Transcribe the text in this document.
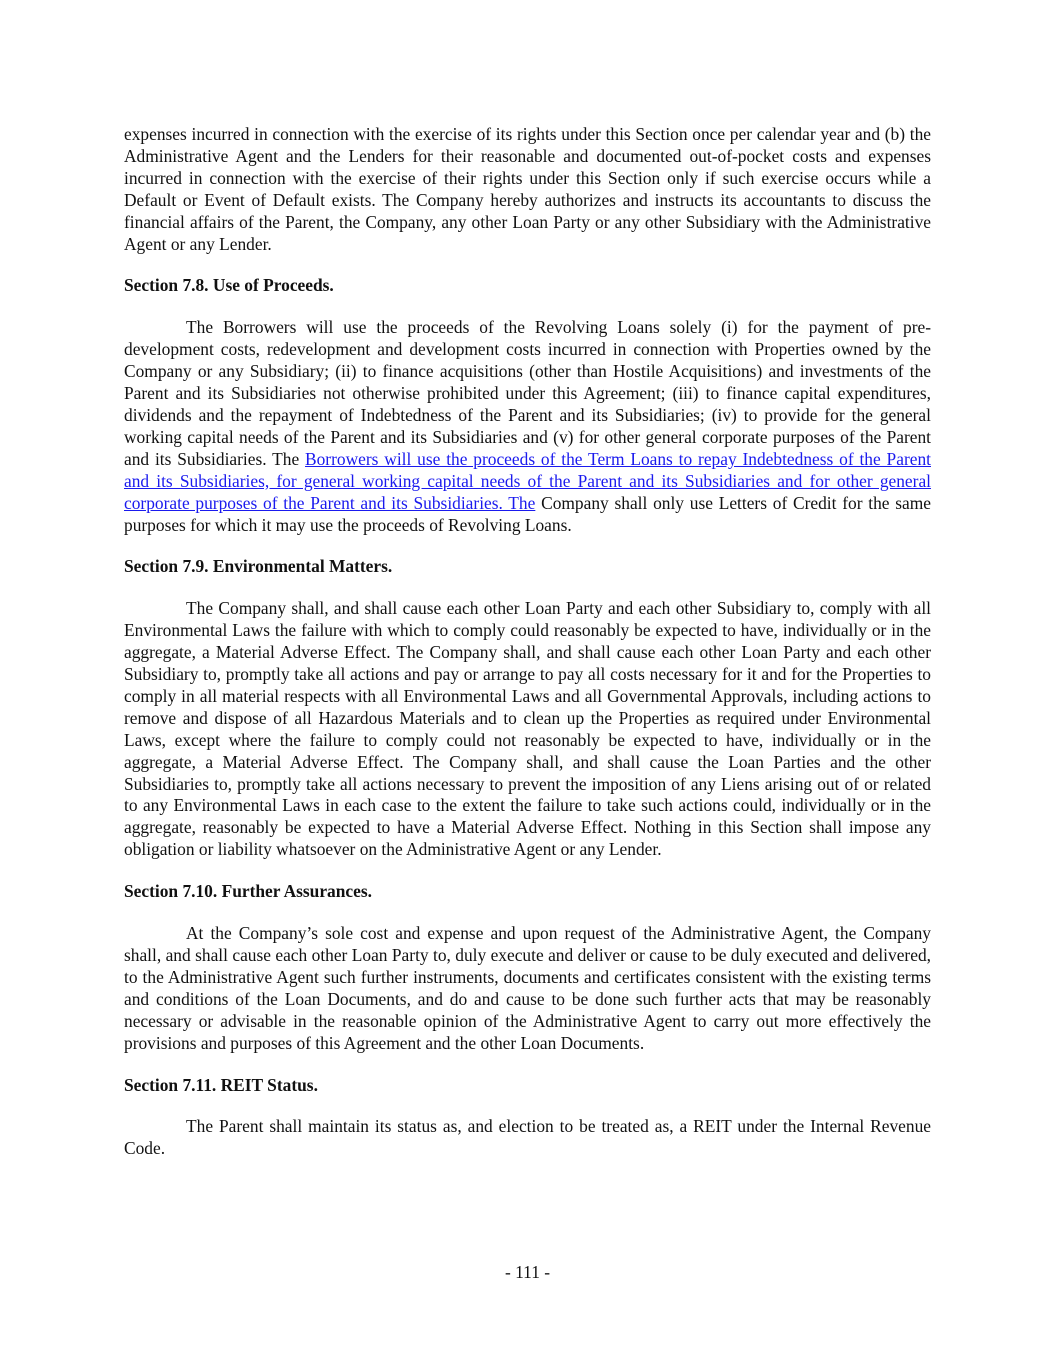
expenses incurred in connection with the exercise of its rights under this Section once per calendar year and (b) the Administrative Agent and the Lenders for their reasonable and documented out-of-pocket costs and expenses incurred in connection with the exercise of their rights under this Section only if such exercise occurs while a Default or Event of Default exists. The Company hereby authorizes and instructs its accountants to discuss the financial affairs of the Parent, the Company, any other Loan Party or any other Subsidiary with the Administrative Agent or any Lender.

Section 7.8. Use of Proceeds.

The Borrowers will use the proceeds of the Revolving Loans solely (i) for the payment of pre-development costs, redevelopment and development costs incurred in connection with Properties owned by the Company or any Subsidiary; (ii) to finance acquisitions (other than Hostile Acquisitions) and investments of the Parent and its Subsidiaries not otherwise prohibited under this Agreement; (iii) to finance capital expenditures, dividends and the repayment of Indebtedness of the Parent and its Subsidiaries; (iv) to provide for the general working capital needs of the Parent and its Subsidiaries and (v) for other general corporate purposes of the Parent and its Subsidiaries. The Borrowers will use the proceeds of the Term Loans to repay Indebtedness of the Parent and its Subsidiaries, for general working capital needs of the Parent and its Subsidiaries and for other general corporate purposes of the Parent and its Subsidiaries. The Company shall only use Letters of Credit for the same purposes for which it may use the proceeds of Revolving Loans.

Section 7.9. Environmental Matters.

The Company shall, and shall cause each other Loan Party and each other Subsidiary to, comply with all Environmental Laws the failure with which to comply could reasonably be expected to have, individually or in the aggregate, a Material Adverse Effect. The Company shall, and shall cause each other Loan Party and each other Subsidiary to, promptly take all actions and pay or arrange to pay all costs necessary for it and for the Properties to comply in all material respects with all Environmental Laws and all Governmental Approvals, including actions to remove and dispose of all Hazardous Materials and to clean up the Properties as required under Environmental Laws, except where the failure to comply could not reasonably be expected to have, individually or in the aggregate, a Material Adverse Effect. The Company shall, and shall cause the Loan Parties and the other Subsidiaries to, promptly take all actions necessary to prevent the imposition of any Liens arising out of or related to any Environmental Laws in each case to the extent the failure to take such actions could, individually or in the aggregate, reasonably be expected to have a Material Adverse Effect. Nothing in this Section shall impose any obligation or liability whatsoever on the Administrative Agent or any Lender.

Section 7.10. Further Assurances.

At the Company’s sole cost and expense and upon request of the Administrative Agent, the Company shall, and shall cause each other Loan Party to, duly execute and deliver or cause to be duly executed and delivered, to the Administrative Agent such further instruments, documents and certificates consistent with the existing terms and conditions of the Loan Documents, and do and cause to be done such further acts that may be reasonably necessary or advisable in the reasonable opinion of the Administrative Agent to carry out more effectively the provisions and purposes of this Agreement and the other Loan Documents.

Section 7.11. REIT Status.

The Parent shall maintain its status as, and election to be treated as, a REIT under the Internal Revenue Code.

- 111 -
